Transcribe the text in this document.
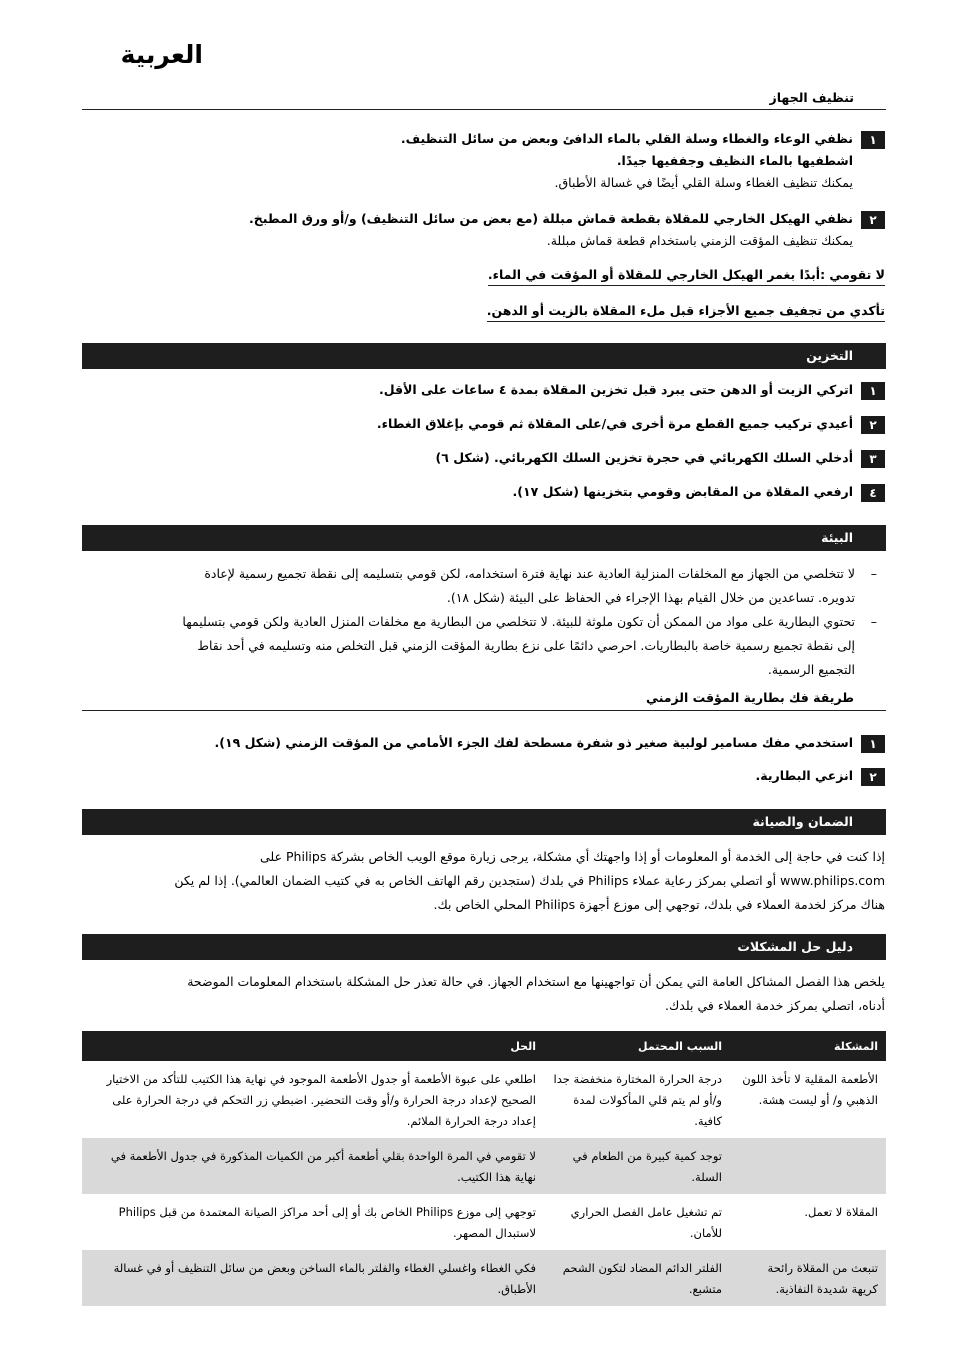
العربية
تنظيف الجهاز
١نظفي الوعاء والغطاء وسلة القلي بالماء الدافئ وبعض من سائل التنظيف.
اشطفيها بالماء النظيف وجففيها جيدًا.
يمكنك تنظيف الغطاء وسلة القلي أيضًا في غسالة الأطباق.
٢نظفي الهيكل الخارجي للمقلاة بقطعة قماش مبللة (مع بعض من سائل التنظيف) و/أو ورق المطبخ.
يمكنك تنظيف المؤقت الزمني باستخدام قطعة قماش مبللة.
لا تقومي :أبدًا بغمر الهيكل الخارجي للمقلاة أو المؤقت في الماء.
تأكدي من تجفيف جميع الأجزاء قبل ملء المقلاة بالزيت أو الدهن.
التخزين
١اتركي الزيت أو الدهن حتى يبرد قبل تخزين المقلاة بمدة ٤ ساعات على الأقل.
٢أعيدي تركيب جميع القطع مرة أخرى في/على المقلاة ثم قومي بإغلاق الغطاء.
٣أدخلي السلك الكهربائي في حجرة تخزين السلك الكهربائي. (شكل ٦)
٤ارفعي المقلاة من المقابض وقومي بتخزينها (شكل ١٧).
البيئة
–
لا تتخلصي من الجهاز مع المخلفات المنزلية العادية عند نهاية فترة استخدامه، لكن قومي بتسليمه إلى نقطة تجميع رسمية لإعادة
تدويره. تساعدين من خلال القيام بهذا الإجراء في الحفاظ على البيئة (شكل ١٨).
–
تحتوي البطارية على مواد من الممكن أن تكون ملوثة للبيئة. لا تتخلصي من البطارية مع مخلفات المنزل العادية ولكن قومي بتسليمها
إلى نقطة تجميع رسمية خاصة بالبطاريات. احرصي دائمًا على نزع بطارية المؤقت الزمني قبل التخلص منه وتسليمه في أحد نقاط
التجميع الرسمية.
طريقة فك بطارية المؤقت الزمني
١استخدمي مفك مسامير لولبية صغير ذو شفرة مسطحة لفك الجزء الأمامي من المؤقت الزمني (شكل ١٩).
٢انزعي البطارية.
الضمان والصيانة
إذا كنت في حاجة إلى الخدمة أو المعلومات أو إذا واجهتك أي مشكلة، يرجى زيارة موقع الويب الخاص بشركة Philips على
www.philips.com أو اتصلي بمركز رعاية عملاء Philips في بلدك (ستجدين رقم الهاتف الخاص به في كتيب الضمان العالمي). إذا لم يكن
هناك مركز لخدمة العملاء في بلدك، توجهي إلى موزع أجهزة Philips المحلي الخاص بك.
دليل حل المشكلات
يلخص هذا الفصل المشاكل العامة التي يمكن أن تواجهينها مع استخدام الجهاز. في حالة تعذر حل المشكلة باستخدام المعلومات الموضحة
أدناه، اتصلي بمركز خدمة العملاء في بلدك.
المشكلة	السبب المحتمل	الحل
الأطعمة المقلية لا تأخذ اللون الذهبي و/ أو ليست هشة.	درجة الحرارة المختارة منخفضة جدا و/أو لم يتم قلي المأكولات لمدة كافية.	اطلعي على عبوة الأطعمة أو جدول الأطعمة الموجود في نهاية هذا الكتيب للتأكد من الاختيار الصحيح لإعداد درجة الحرارة و/أو وقت التحضير. اضبطي زر التحكم في درجة الحرارة على إعداد درجة الحرارة الملائم.
	توجد كمية كبيرة من الطعام في السلة.	لا تقومي في المرة الواحدة بقلي أطعمة أكبر من الكميات المذكورة في جدول الأطعمة في نهاية هذا الكتيب.
المقلاة لا تعمل.	تم تشغيل عامل الفصل الحراري للأمان.	توجهي إلى موزع Philips الخاص بك أو إلى أحد مراكز الصيانة المعتمدة من قبل Philips لاستبدال المصهر.
تنبعث من المقلاة رائحة كريهة شديدة النفاذية.	الفلتر الدائم المضاد لتكون الشحم متشبع.	فكي الغطاء واغسلي الغطاء والفلتر بالماء الساخن وبعض من سائل التنظيف أو في غسالة الأطباق.
